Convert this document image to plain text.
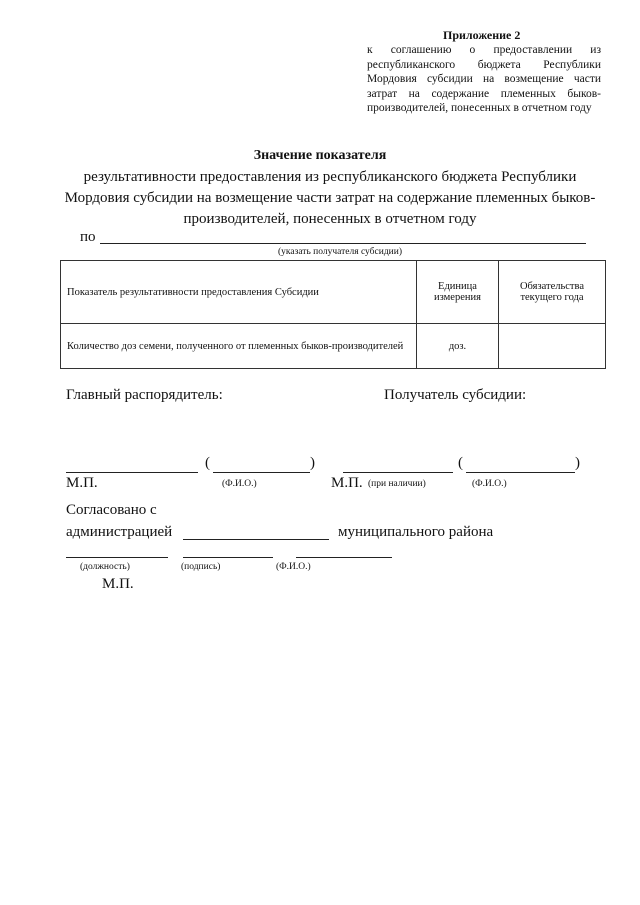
Приложение 2
к соглашению о предоставлении из республиканского бюджета Республики Мордовия субсидии на возмещение части затрат на содержание племенных быков-производителей, понесенных в отчетном году
Значение показателя
результативности предоставления из республиканского бюджета Республики Мордовия субсидии на возмещение части затрат на содержание племенных быков-производителей, понесенных в отчетном году
по
(указать получателя субсидии)
Показатель результативности предоставления Субсидии	Единица измерения	Обязательства текущего года
Количество доз семени, полученного от племенных быков-производителей	доз.	
Главный распорядитель:	Получатель субсидии:
(	)	(	)
М.П.	(Ф.И.О.)	М.П. (при наличии)	(Ф.И.О.)
Согласовано с
администрацией	муниципального района
(должность)	(подпись)	(Ф.И.О.)
М.П.
